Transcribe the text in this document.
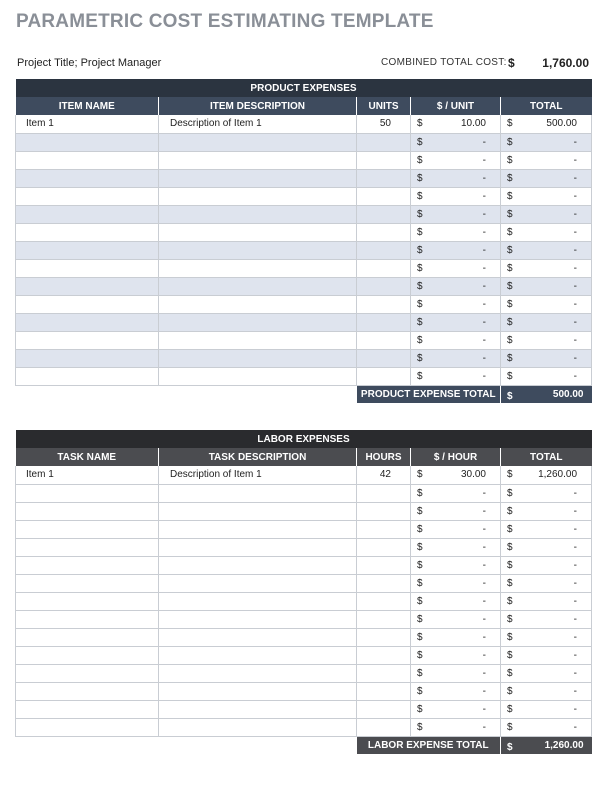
PARAMETRIC COST ESTIMATING TEMPLATE
Project Title; Project Manager	COMBINED TOTAL COST: $ 1,760.00
PRODUCT EXPENSES				
ITEM NAME	ITEM DESCRIPTION	UNITS	$ / UNIT	TOTAL
Item 1	Description of Item 1	50	$ 10.00	$ 500.00

			$ -	$ -

			$ -	$ -

			$ -	$ -

			$ -	$ -

			$ -	$ -

			$ -	$ -

			$ -	$ -

			$ -	$ -

			$ -	$ -

			$ -	$ -

			$ -	$ -

			$ -	$ -

			$ -	$ -

			$ -	$ -
		PRODUCT EXPENSE TOTAL		$ 500.00
LABOR EXPENSES				
TASK NAME	TASK DESCRIPTION	HOURS	$ / HOUR	TOTAL
Item 1	Description of Item 1	42	$ 30.00	$ 1,260.00

			$ -	$ -

			$ -	$ -

			$ -	$ -

			$ -	$ -

			$ -	$ -

			$ -	$ -

			$ -	$ -

			$ -	$ -

			$ -	$ -

			$ -	$ -

			$ -	$ -

			$ -	$ -

			$ -	$ -

			$ -	$ -
		LABOR EXPENSE TOTAL		$ 1,260.00
